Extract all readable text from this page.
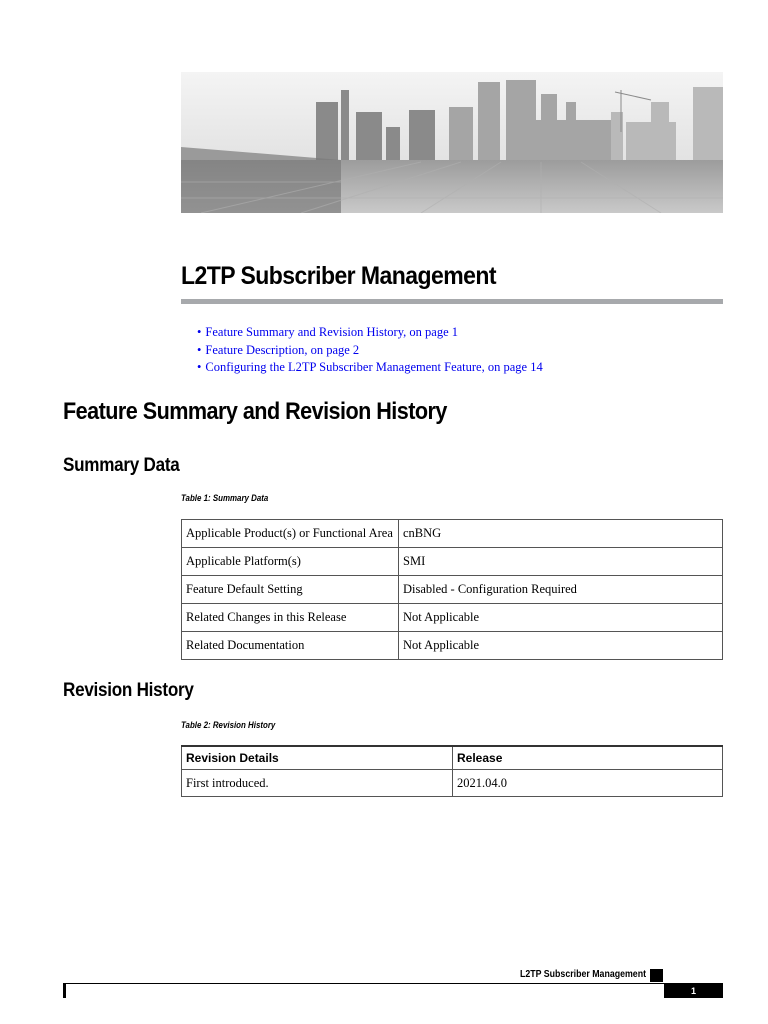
L2TP Subscriber Management
• Feature Summary and Revision History, on page 1
• Feature Description, on page 2
• Configuring the L2TP Subscriber Management Feature, on page 14
Feature Summary and Revision History
Summary Data

Table 1: Summary Data

Applicable Product(s) or Functional Area	cnBNG
Applicable Platform(s)	SMI
Feature Default Setting	Disabled - Configuration Required
Related Changes in this Release	Not Applicable
Related Documentation	Not Applicable
Revision History

Table 2: Revision History

Revision Details	Release
First introduced.	2021.04.0

L2TP Subscriber Management

1
